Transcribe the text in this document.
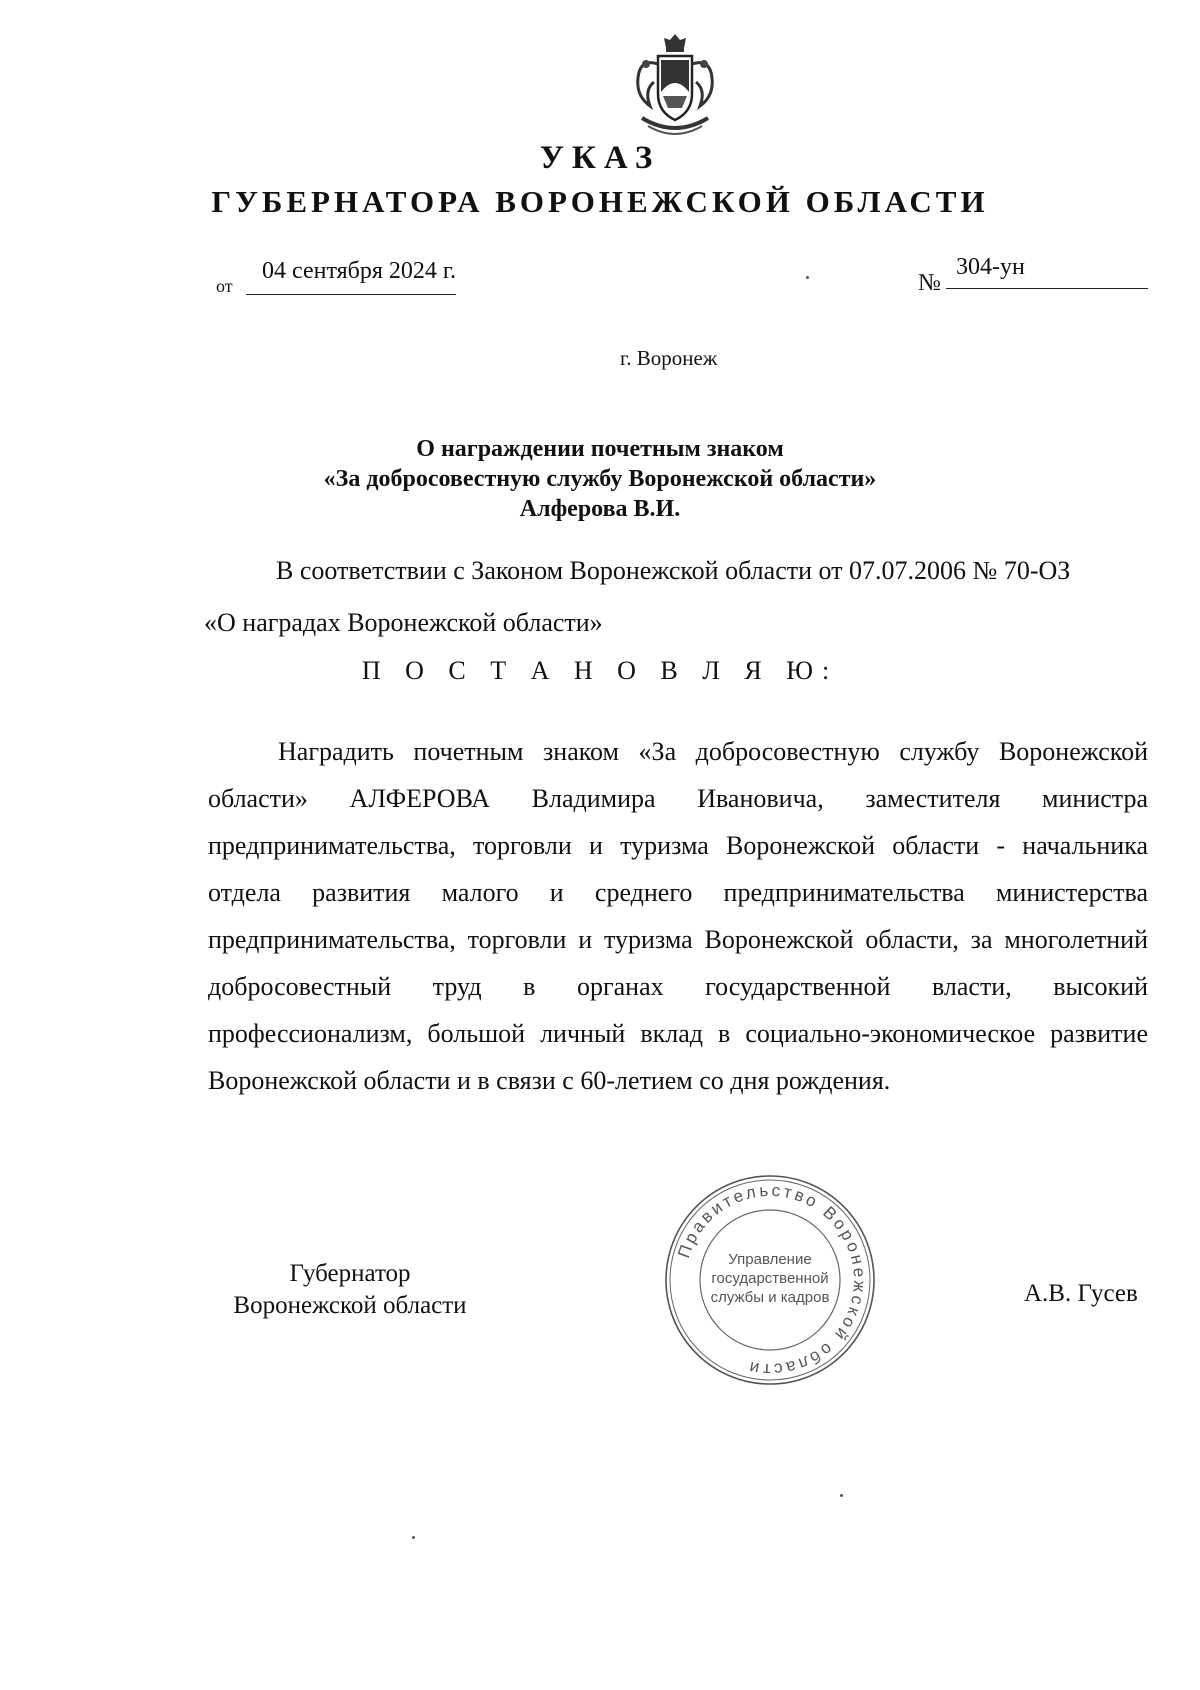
УКАЗ
ГУБЕРНАТОРА ВОРОНЕЖСКОЙ ОБЛАСТИ
от
04 сентября 2024 г.	№
304-ун
г. Воронеж
О награждении почетным знаком
«За добросовестную службу Воронежской области»
Алферова В.И.
В соответствии с Законом Воронежской области от 07.07.2006 № 70-ОЗ
«О наградах Воронежской области»
П О С Т А Н О В Л Я Ю:
Наградить почетным знаком «За добросовестную службу Воронежской области» АЛФЕРОВА Владимира Ивановича, заместителя министра предпринимательства, торговли и туризма Воронежской области - начальника отдела развития малого и среднего предпринимательства министерства предпринимательства, торговли и туризма Воронежской области, за многолетний добросовестный труд в органах государственной власти, высокий профессионализм, большой личный вклад в социально-экономическое развитие Воронежской области и в связи с 60-летием со дня рождения.
Губернатор
Воронежской области
Правительство Воронежской области
Управление
государственной
службы и кадров	А.В. Гусев
